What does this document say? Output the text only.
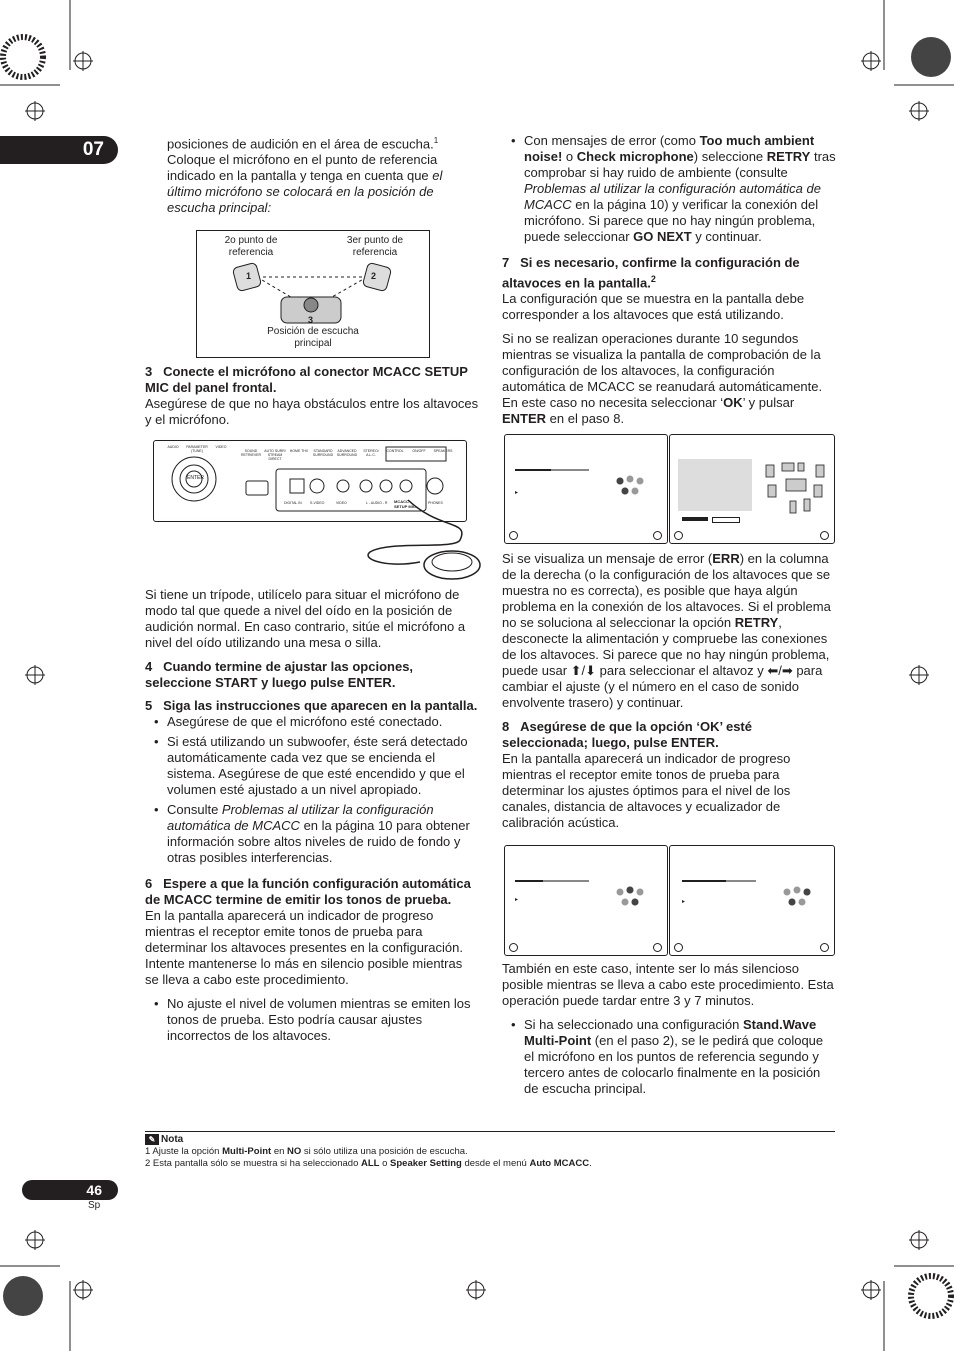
07	posiciones de audición en el área de escucha.$^1$ Coloque el micrófono en el punto de referencia indicado en la pantalla y tenga en cuenta que el último micrófono se colocará en la posición de escucha principal:

2o punto de referencia
3er punto de referencia
1	2
3
Posición de escucha principal

3 Conecte el micrófono al conector MCACC SETUP MIC del panel frontal.

Asegúrese de que no haya obstáculos entre los altavoces y el micrófono.

ENTER
MCACC SETUP MIC
AUDIO	PARAMETER (TUNE)
VIDEO
SOUND RETRIEVER
AUTO SURR/ STREAM DIRECT
HOME THX	STANDARD SURROUND
ADVANCED SURROUND
STEREO/ A.L.C.
CONTROL	ON/OFF	SPEAKERS
DIGITAL IN S-VIDEO	VIDEO	L - AUDIO - R	PHONES

Si tiene un trípode, utilícelo para situar el micrófono de modo tal que quede a nivel del oído en la posición de audición normal. En caso contrario, sitúe el micrófono a nivel del oído utilizando una mesa o silla.

4 Cuando termine de ajustar las opciones, seleccione START y luego pulse ENTER.

5 Siga las instrucciones que aparecen en la pantalla.

• Asegúrese de que el micrófono esté conectado.
• Si está utilizando un subwoofer, éste será detectado automáticamente cada vez que se encienda el sistema. Asegúrese de que esté encendido y que el volumen esté ajustado a un nivel apropiado.
• Consulte Problemas al utilizar la configuración automática de MCACC en la página 10 para obtener información sobre altos niveles de ruido de fondo y otras posibles interferencias.

6 Espere a que la función configuración automática de MCACC termine de emitir los tonos de prueba.

En la pantalla aparecerá un indicador de progreso mientras el receptor emite tonos de prueba para determinar los altavoces presentes en la configuración. Intente mantenerse lo más en silencio posible mientras se lleva a cabo este procedimiento.

• No ajuste el nivel de volumen mientras se emiten los tonos de prueba. Esto podría causar ajustes incorrectos de los altavoces.
• Con mensajes de error (como Too much ambient noise! o Check microphone) seleccione RETRY tras comprobar si hay ruido de ambiente (consulte Problemas al utilizar la configuración automática de MCACC en la página 10) y verificar la conexión del micrófono. Si parece que no hay ningún problema, puede seleccionar GO NEXT y continuar.

7 Si es necesario, confirme la configuración de altavoces en la pantalla.$^2$

La configuración que se muestra en la pantalla debe corresponder a los altavoces que está utilizando.

Si no se realizan operaciones durante 10 segundos mientras se visualiza la pantalla de comprobación de la configuración de los altavoces, la configuración automática de MCACC se reanudará automáticamente. En este caso no necesita seleccionar ‘OK’ y pulsar ENTER en el paso 8.

▸

Si se visualiza un mensaje de error (ERR) en la columna de la derecha (o la configuración de los altavoces que se muestra no es correcta), es posible que haya algún problema en la conexión de los altavoces. Si el problema no se soluciona al seleccionar la opción RETRY, desconecte la alimentación y compruebe las conexiones de los altavoces. Si parece que no hay ningún problema, puede usar ⬆/⬇ para seleccionar el altavoz y ⬅/➡ para cambiar el ajuste (y el número en el caso de sonido envolvente trasero) y continuar.

8 Asegúrese de que la opción ‘OK’ esté seleccionada; luego, pulse ENTER.

En la pantalla aparecerá un indicador de progreso mientras el receptor emite tonos de prueba para determinar los ajustes óptimos para el nivel de los canales, distancia de altavoces y ecualizador de calibración acústica.

▸	▸

También en este caso, intente ser lo más silencioso posible mientras se lleva a cabo este procedimiento. Esta operación puede tardar entre 3 y 7 minutos.

• Si ha seleccionado una configuración Stand.Wave Multi-Point (en el paso 2), se le pedirá que coloque el micrófono en los puntos de referencia segundo y tercero antes de colocarlo finalmente en la posición de escucha principal.
✎ Nota
1 Ajuste la opción Multi-Point en NO si sólo utiliza una posición de escucha.
2 Esta pantalla sólo se muestra si ha seleccionado ALL o Speaker Setting desde el menú Auto MCACC.
46
Sp
